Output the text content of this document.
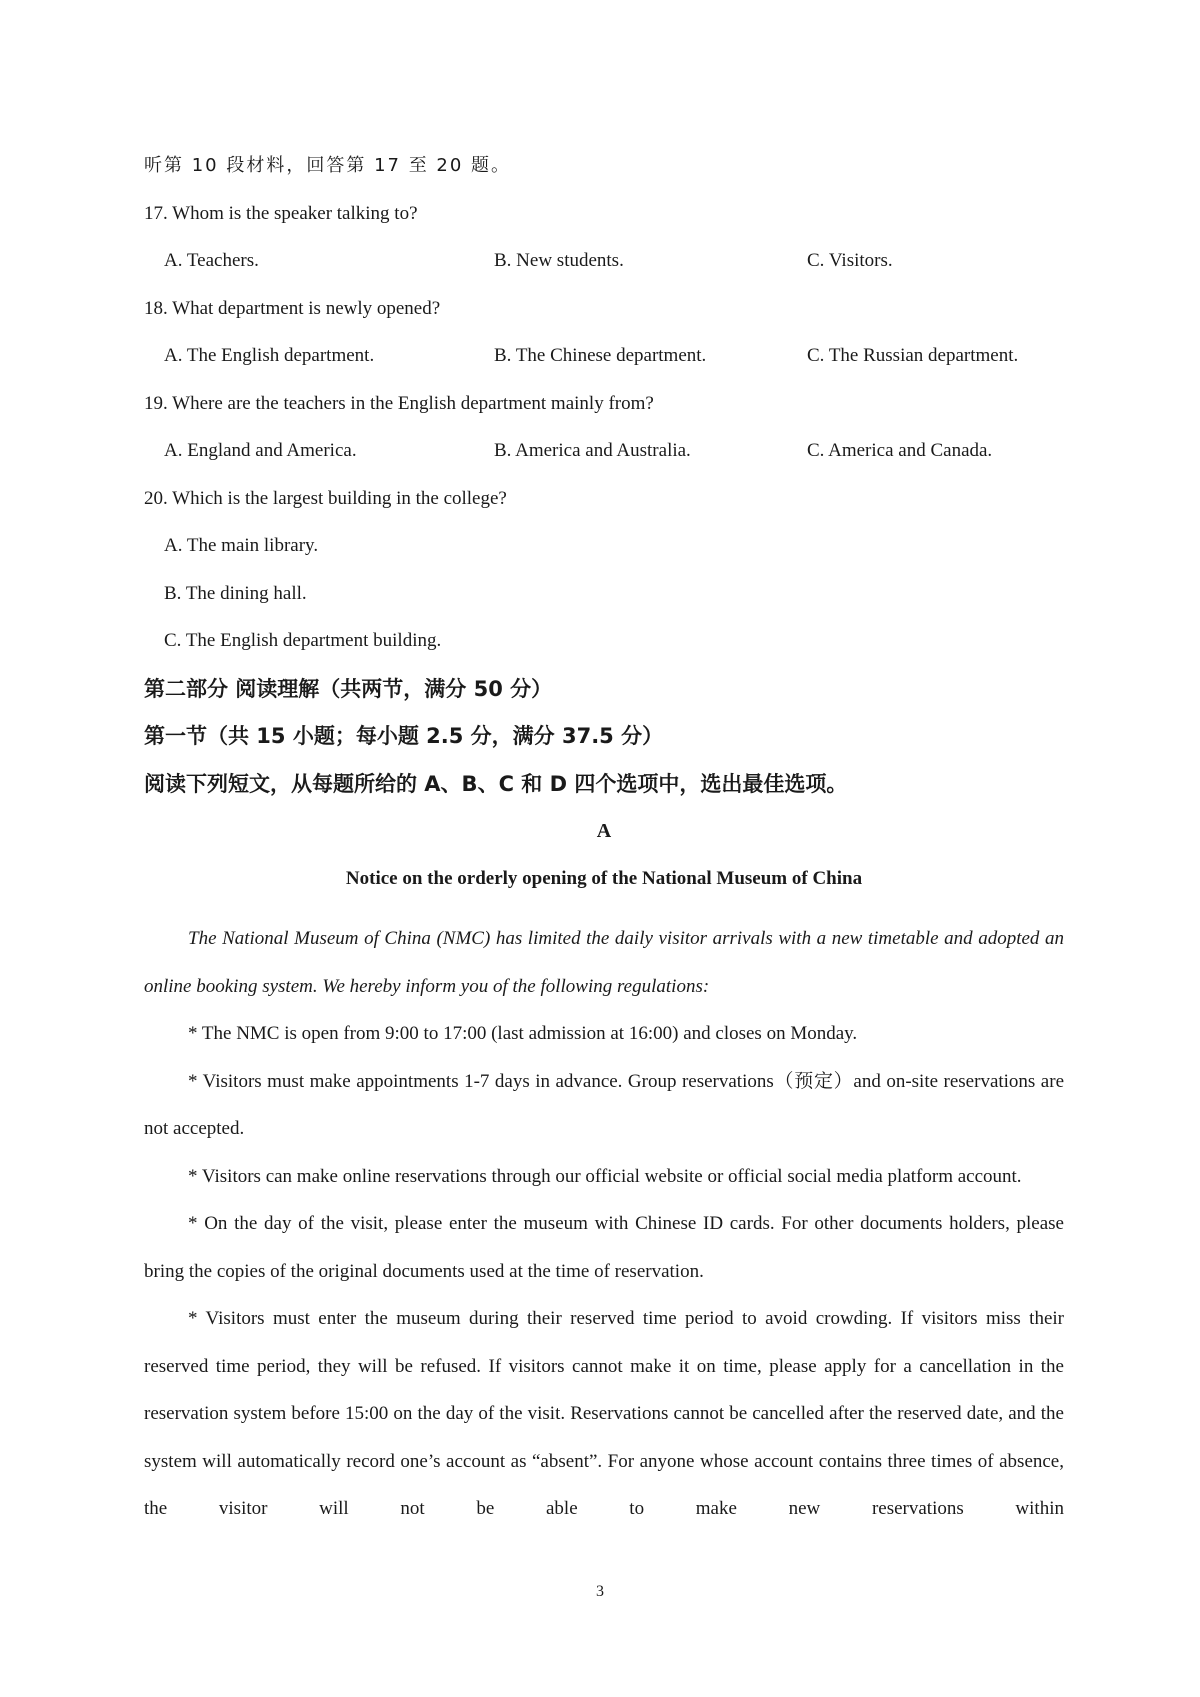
听第 10 段材料，回答第 17 至 20 题。
17. Whom is the speaker talking to?
A. Teachers.	B. New students.	C. Visitors.
18. What department is newly opened?
A. The English department.	B. The Chinese department.	C. The Russian department.
19. Where are the teachers in the English department mainly from?
A. England and America.	B. America and Australia.	C. America and Canada.
20. Which is the largest building in the college?
A. The main library.
B. The dining hall.
C. The English department building.
第二部分 阅读理解（共两节，满分 50 分）
第一节（共 15 小题；每小题 2.5 分，满分 37.5 分）
阅读下列短文，从每题所给的 A、B、C 和 D 四个选项中，选出最佳选项。
A
Notice on the orderly opening of the National Museum of China

The National Museum of China (NMC) has limited the daily visitor arrivals with a new timetable and adopted an online booking system. We hereby inform you of the following regulations:

* The NMC is open from 9:00 to 17:00 (last admission at 16:00) and closes on Monday.

* Visitors must make appointments 1-7 days in advance. Group reservations（预定）and on-site reservations are not accepted.

* Visitors can make online reservations through our official website or official social media platform account.

* On the day of the visit, please enter the museum with Chinese ID cards. For other documents holders, please bring the copies of the original documents used at the time of reservation.

* Visitors must enter the museum during their reserved time period to avoid crowding. If visitors miss their reserved time period, they will be refused. If visitors cannot make it on time, please apply for a cancellation in the reservation system before 15:00 on the day of the visit. Reservations cannot be cancelled after the reserved date, and the system will automatically record one’s account as “absent”. For anyone whose account contains three times of absence, the visitor will not be able to make new reservations within

3
